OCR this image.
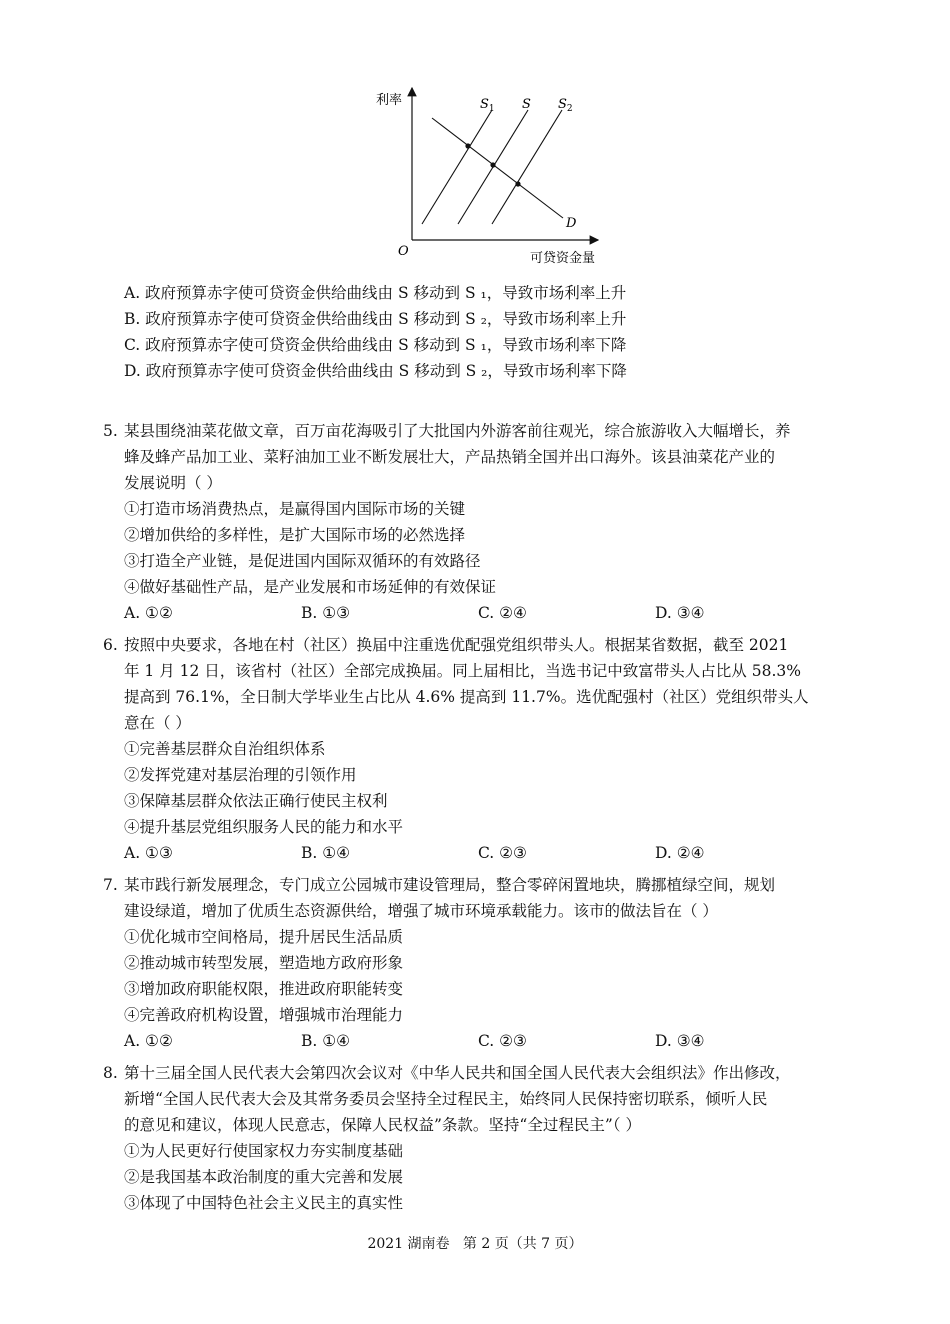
利率
可贷资金量
O
$S_1$ S $S_2$
D
A. 政府预算赤字使可贷资金供给曲线由 S 移动到 S ₁，导致市场利率上升
B. 政府预算赤字使可贷资金供给曲线由 S 移动到 S ₂，导致市场利率上升
C. 政府预算赤字使可贷资金供给曲线由 S 移动到 S ₁，导致市场利率下降
D. 政府预算赤字使可贷资金供给曲线由 S 移动到 S ₂，导致市场利率下降
5. 某县围绕油菜花做文章，百万亩花海吸引了大批国内外游客前往观光，综合旅游收入大幅增长，养
蜂及蜂产品加工业、菜籽油加工业不断发展壮大，产品热销全国并出口海外。该县油菜花产业的
发展说明（ ）
①打造市场消费热点，是赢得国内国际市场的关键
②增加供给的多样性，是扩大国际市场的必然选择
③打造全产业链，是促进国内国际双循环的有效路径
④做好基础性产品，是产业发展和市场延伸的有效保证
A. ①②	B. ①③	C. ②④	D. ③④
6. 按照中央要求，各地在村（社区）换届中注重选优配强党组织带头人。根据某省数据，截至 2021
年 1 月 12 日，该省村（社区）全部完成换届。同上届相比，当选书记中致富带头人占比从 58.3%
提高到 76.1%，全日制大学毕业生占比从 4.6% 提高到 11.7%。选优配强村（社区）党组织带头人
意在（ ）
①完善基层群众自治组织体系
②发挥党建对基层治理的引领作用
③保障基层群众依法正确行使民主权利
④提升基层党组织服务人民的能力和水平
A. ①③	B. ①④	C. ②③	D. ②④
7. 某市践行新发展理念，专门成立公园城市建设管理局，整合零碎闲置地块，腾挪植绿空间，规划
建设绿道，增加了优质生态资源供给，增强了城市环境承载能力。该市的做法旨在（ ）
①优化城市空间格局，提升居民生活品质
②推动城市转型发展，塑造地方政府形象
③增加政府职能权限，推进政府职能转变
④完善政府机构设置，增强城市治理能力
A. ①②	B. ①④	C. ②③	D. ③④
8. 第十三届全国人民代表大会第四次会议对《中华人民共和国全国人民代表大会组织法》作出修改，
新增“全国人民代表大会及其常务委员会坚持全过程民主，始终同人民保持密切联系，倾听人民
的意见和建议，体现人民意志，保障人民权益”条款。坚持“全过程民主”（ ）
①为人民更好行使国家权力夯实制度基础
②是我国基本政治制度的重大完善和发展
③体现了中国特色社会主义民主的真实性
2021 湖南卷   第 2 页（共 7 页）
